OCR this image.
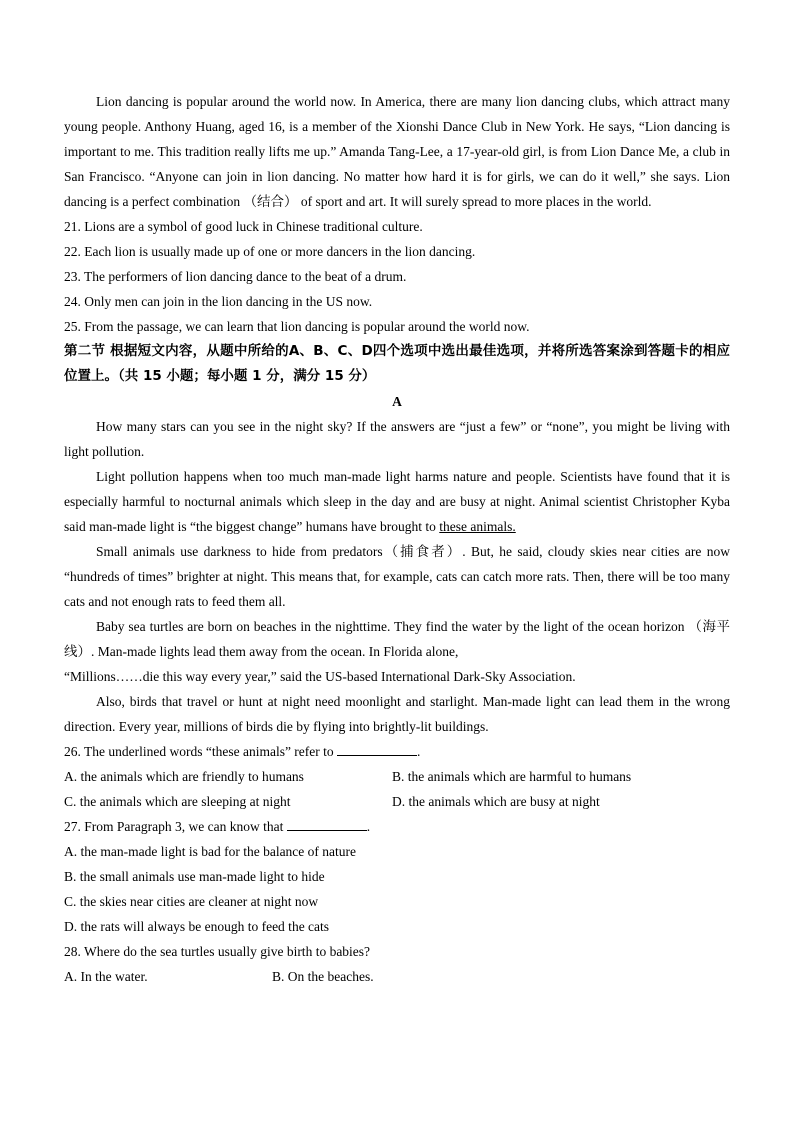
Lion dancing is popular around the world now. In America, there are many lion dancing clubs, which attract many young people. Anthony Huang, aged 16, is a member of the Xionshi Dance Club in New York. He says, “Lion dancing is important to me. This tradition really lifts me up.” Amanda Tang-Lee, a 17-year-old girl, is from Lion Dance Me, a club in San Francisco. “Anyone can join in lion dancing. No matter how hard it is for girls, we can do it well,” she says. Lion dancing is a perfect combination （结合） of sport and art. It will surely spread to more places in the world.

21. Lions are a symbol of good luck in Chinese traditional culture.

22. Each lion is usually made up of one or more dancers in the lion dancing.

23. The performers of lion dancing dance to the beat of a drum.

24. Only men can join in the lion dancing in the US now.

25. From the passage, we can learn that lion dancing is popular around the world now.

第二节 根据短文内容，从题中所给的A、B、C、D四个选项中选出最佳选项，并将所选答案涂到答题卡的相应位置上。（共 15 小题；每小题 1 分，满分 15 分）

A

How many stars can you see in the night sky? If the answers are “just a few” or “none”, you might be living with light pollution.

Light pollution happens when too much man-made light harms nature and people. Scientists have found that it is especially harmful to nocturnal animals which sleep in the day and are busy at night. Animal scientist Christopher Kyba said man-made light is “the biggest change” humans have brought to these animals.

Small animals use darkness to hide from predators（捕食者）. But, he said, cloudy skies near cities are now “hundreds of times” brighter at night. This means that, for example, cats can catch more rats. Then, there will be too many cats and not enough rats to feed them all.

Baby sea turtles are born on beaches in the nighttime. They find the water by the light of the ocean horizon （海平线）. Man-made lights lead them away from the ocean. In Florida alone,

“Millions……die this way every year,” said the US-based International Dark-Sky Association.

Also, birds that travel or hunt at night need moonlight and starlight. Man-made light can lead them in the wrong direction. Every year, millions of birds die by flying into brightly-lit buildings.

26. The underlined words “these animals” refer to	.

A. the animals which are friendly to humans	B. the animals which are harmful to humans
C. the animals which are sleeping at night	D. the animals which are busy at night

27. From Paragraph 3, we can know that	.

A. the man-made light is bad for the balance of nature

B. the small animals use man-made light to hide

C. the skies near cities are cleaner at night now

D. the rats will always be enough to feed the cats

28. Where do the sea turtles usually give birth to babies?

A. In the water.	B. On the beaches.
